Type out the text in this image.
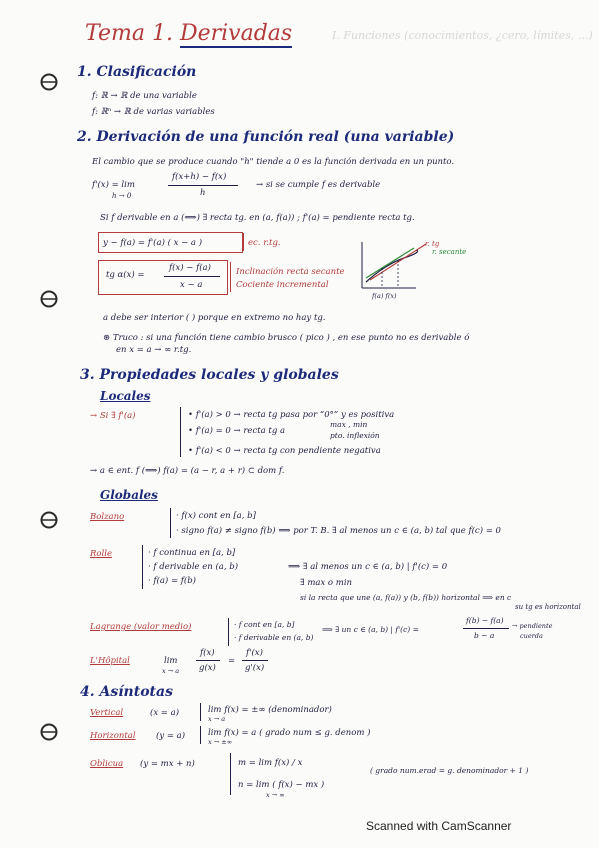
I. Funciones (conocimientos, ¿cero, límites, ...)
Tema 1. Derivadas
1. Clasificación
f: ℝ → ℝ de una variable
f: ℝⁿ → ℝ de varias variables
2. Derivación de una función real (una variable)
El cambio que se produce cuando "h" tiende a 0 es la función derivada en un punto.
f'(x) = lim
h → 0
f(x+h) − f(x)
h
→ si se cumple f es derivable
Si f derivable en a (⟺) ∃ recta tg. en (a, f(a)) ; f'(a) = pendiente recta tg.
y − f(a) = f'(a) ( x − a )	ec. r.tg.
tg α(x) =
f(x) − f(a)
x − a
Inclinación recta secante
Cociente incremental
r. tg
r. secante
f(a) f(x)
a debe ser interior ( ) porque en extremo no hay tg.
⊛ Truco : si una función tiene cambio brusco ( pico ) , en ese punto no es derivable ó
en x = a → ∞ r.tg.
3. Propiedades locales y globales
Locales
→ Si ∃ f'(a)	• f'(a) > 0 → recta tg pasa por “0°” y es positiva
• f'(a) = 0 → recta tg a
max , min
pto. inflexión
• f'(a) < 0 → recta tg con pendiente negativa
→ a ∈ ent. f (⟹) f(a) = (a − r, a + r) ⊂ dom f.
Globales
Bolzano	· f(x) cont en [a, b]
· signo f(a) ≠ signo f(b) ⟹ por T. B. ∃ al menos un c ∈ (a, b) tal que f(c) = 0
Rolle	· f continua en [a, b]
· f derivable en (a, b)
· f(a) = f(b)
⟹ ∃ al menos un c ∈ (a, b) | f'(c) = 0
∃ max o min
si la recta que une (a, f(a)) y (b, f(b)) horizontal ⟹ en c
su tg es horizontal
Lagrange (valor medio)	· f cont en [a, b]
· f derivable en (a, b)
⟹ ∃ un c ∈ (a, b) | f'(c) =
f(b) − f(a)
b − a
→ pendiente
cuerda
L'Hôpital	lim
x → a
f(x)
g(x)
=
f'(x)
g'(x)
4. Asíntotas
Vertical	(x = a)	lim f(x) = ±∞ (denominador)
x → a
Horizontal (y = a)	lim f(x) = a ( grado num ≤ g. denom )
x → ±∞
Oblicua (y = mx + n)	m = lim f(x) / x
( grado num.erad = g. denominador + 1 )
n = lim ( f(x) − mx )
x → ∞
Scanned with CamScanner
